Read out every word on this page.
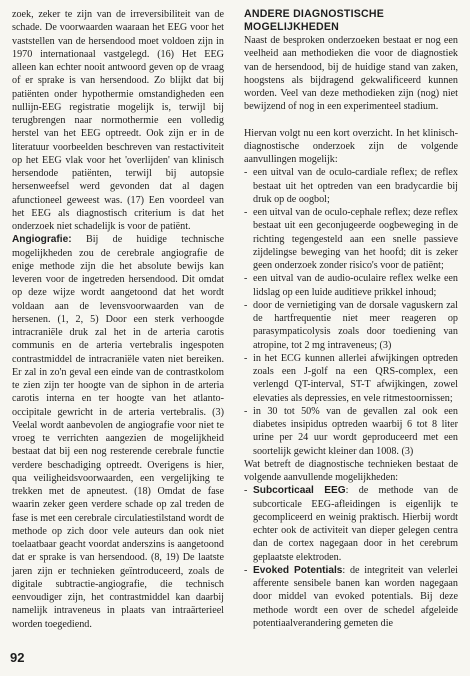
zoek, zeker te zijn van de irreversibiliteit van de schade. De voorwaarden waaraan het EEG voor het vaststellen van de hersendood moet voldoen zijn in 1970 internationaal vastgelegd. (16) Het EEG alleen kan echter nooit antwoord geven op de vraag of er sprake is van hersendood. Zo blijkt dat bij patiënten onder hypothermie omstandigheden een nullijn-EEG registratie mogelijk is, terwijl bij terugbrengen naar normothermie een volledig herstel van het EEG optreedt. Ook zijn er in de literatuur voorbeelden beschreven van restactiviteit op het EEG vlak voor het 'overlijden' van klinisch hersendode patiënten, terwijl bij autopsie hersenweefsel werd gevonden dat al dagen afunctioneel geweest was. (17) Een voordeel van het EEG als diagnostisch criterium is dat het onderzoek niet schadelijk is voor de patiënt.

Angiografie: Bij de huidige technische mogelijkheden zou de cerebrale angiografie de enige methode zijn die het absolute bewijs kan leveren voor de ingetreden hersendood. Dit omdat op deze wijze wordt aangetoond dat het wordt voldaan aan de levensvoorwaarden van de hersenen. (1, 2, 5) Door een sterk verhoogde intracraniële druk zal het in de arteria carotis communis en de arteria vertebralis ingespoten contrastmiddel de intracraniële vaten niet bereiken. Er zal in zo'n geval een einde van de contrastkolom te zien zijn ter hoogte van de siphon in de arteria carotis interna en ter hoogte van het atlanto-occipitale gewricht in de arteria vertebralis. (3) Veelal wordt aanbevolen de angiografie voor niet te vroeg te verrichten aangezien de mogelijkheid bestaat dat bij een nog resterende cerebrale functie verdere beschadiging optreedt. Overigens is hier, qua veiligheidsvoorwaarden, een vergelijking te trekken met de apneutest. (18) Omdat de fase waarin zeker geen verdere schade op zal treden de fase is met een cerebrale circulatiestilstand wordt de methode op zich door vele auteurs dan ook niet toelaatbaar geacht voordat anderszins is aangetoond dat er sprake is van hersendood. (8, 19) De laatste jaren zijn er technieken geïntroduceerd, zoals de digitale subtractie-angiografie, die technisch eenvoudiger zijn, het contrastmiddel kan daarbij namelijk intraveneus in plaats van intraärterieel worden toegediend.

ANDERE DIAGNOSTISCHE MOGELIJKHEDEN

Naast de besproken onderzoeken bestaat er nog een veelheid aan methodieken die voor de diagnostiek van de hersendood, bij de huidige stand van zaken, hoogstens als bijdragend gekwalificeerd kunnen worden. Veel van deze methodieken zijn (nog) niet bewijzend of nog in een experimenteel stadium.

Hiervan volgt nu een kort overzicht. In het klinisch-diagnostische onderzoek zijn de volgende aanvullingen mogelijk:

- een uitval van de oculo-cardiale reflex; de reflex bestaat uit het optreden van een bradycardie bij druk op de oogbol;
- een uitval van de oculo-cephale reflex; deze reflex bestaat uit een geconjugeerde oogbeweging in de richting tegengesteld aan een snelle passieve zijdelingse beweging van het hoofd; dit is zeker geen onderzoek zonder risico's voor de patiënt;
- een uitval van de audio-oculaire reflex welke een lidslag op een luide auditieve prikkel inhoud;
- door de vernietiging van de dorsale vaguskern zal de hartfrequentie niet meer reageren op parasympaticolysis zoals door toediening van atropine, tot 2 mg intraveneus; (3)
- in het ECG kunnen allerlei afwijkingen optreden zoals een J-golf na een QRS-complex, een verlengd QT-interval, ST-T afwijkingen, zowel elevaties als depressies, en vele ritmestoornissen;
- in 30 tot 50% van de gevallen zal ook een diabetes insipidus optreden waarbij 6 tot 8 liter urine per 24 uur wordt geproduceerd met een soortelijk gewicht kleiner dan 1008. (3)

Wat betreft de diagnostische technieken bestaat de volgende aanvullende mogelijkheden:

- Subcorticaal EEG: de methode van de subcorticale EEG-afleidingen is eigenlijk te gecompliceerd en weinig praktisch. Hierbij wordt echter ook de activiteit van dieper gelegen centra dan de cortex nagegaan door in het cerebrum geplaatste elektroden.
- Evoked Potentials: de integriteit van velerlei afferente sensibele banen kan worden nagegaan door middel van evoked potentials. Bij deze methode wordt een over de schedel afgeleide potentiaalverandering gemeten die
92
